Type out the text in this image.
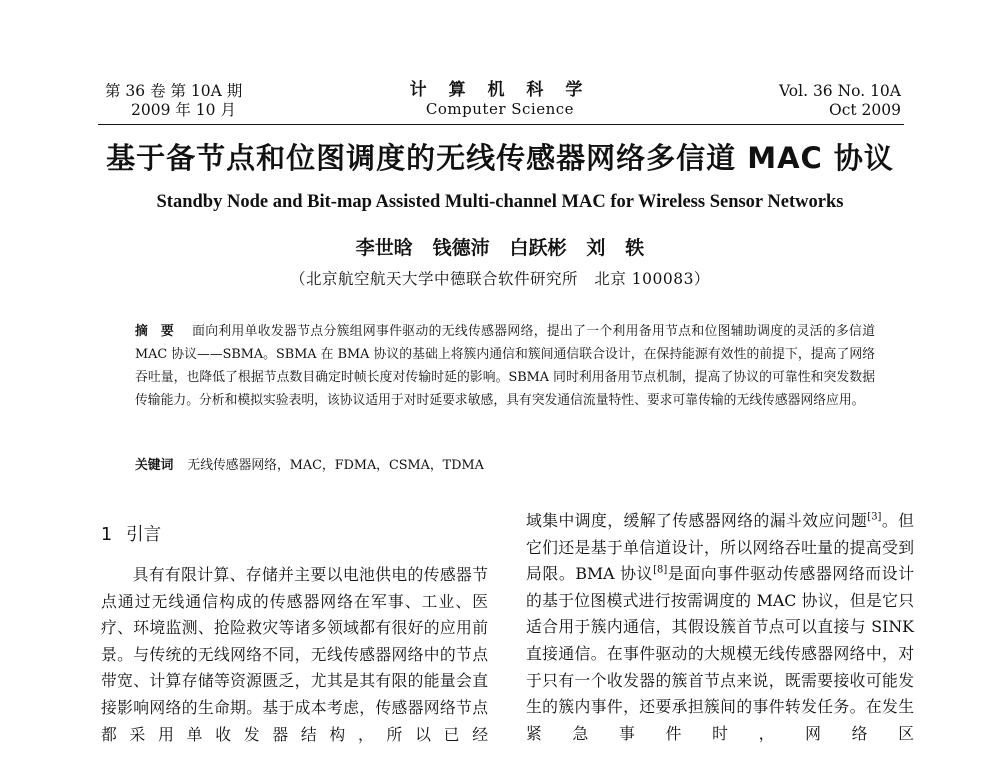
第 36 卷 第 10A 期
2009 年 10 月
计 算 机 科 学
Computer Science
Vol. 36 No. 10A
Oct 2009
基于备节点和位图调度的无线传感器网络多信道 MAC 协议
Standby Node and Bit-map Assisted Multi-channel MAC for Wireless Sensor Networks
李世晗   钱德沛   白跃彬   刘   轶
（北京航空航天大学中德联合软件研究所   北京 100083）
摘 要 面向利用单收发器节点分簇组网事件驱动的无线传感器网络，提出了一个利用备用节点和位图辅助调度的灵活的多信道 MAC 协议——SBMA。SBMA 在 BMA 协议的基础上将簇内通信和簇间通信联合设计，在保持能源有效性的前提下，提高了网络吞吐量，也降低了根据节点数目确定时帧长度对传输时延的影响。SBMA 同时利用备用节点机制，提高了协议的可靠性和突发数据传输能力。分析和模拟实验表明，该协议适用于对时延要求敏感，具有突发通信流量特性、要求可靠传输的无线传感器网络应用。
关键词 无线传感器网络，MAC，FDMA，CSMA，TDMA
1 引言

具有有限计算、存储并主要以电池供电的传感器节点通过无线通信构成的传感器网络在军事、工业、医疗、环境监测、抢险救灾等诸多领域都有很好的应用前景。与传统的无线网络不同，无线传感器网络中的节点带宽、计算存储等资源匮乏，尤其是其有限的能量会直接影响网络的生命期。基于成本考虑，传感器网络节点都采用单收发器结构，所以已经

域集中调度，缓解了传感器网络的漏斗效应问题[3]。但它们还是基于单信道设计，所以网络吞吐量的提高受到局限。BMA 协议[8]是面向事件驱动传感器网络而设计的基于位图模式进行按需调度的 MAC 协议，但是它只适合用于簇内通信，其假设簇首节点可以直接与 SINK 直接通信。在事件驱动的大规模无线传感器网络中，对于只有一个收发器的簇首节点来说，既需要接收可能发生的簇内事件，还要承担簇间的事件转发任务。在发生紧急事件时，网络区
